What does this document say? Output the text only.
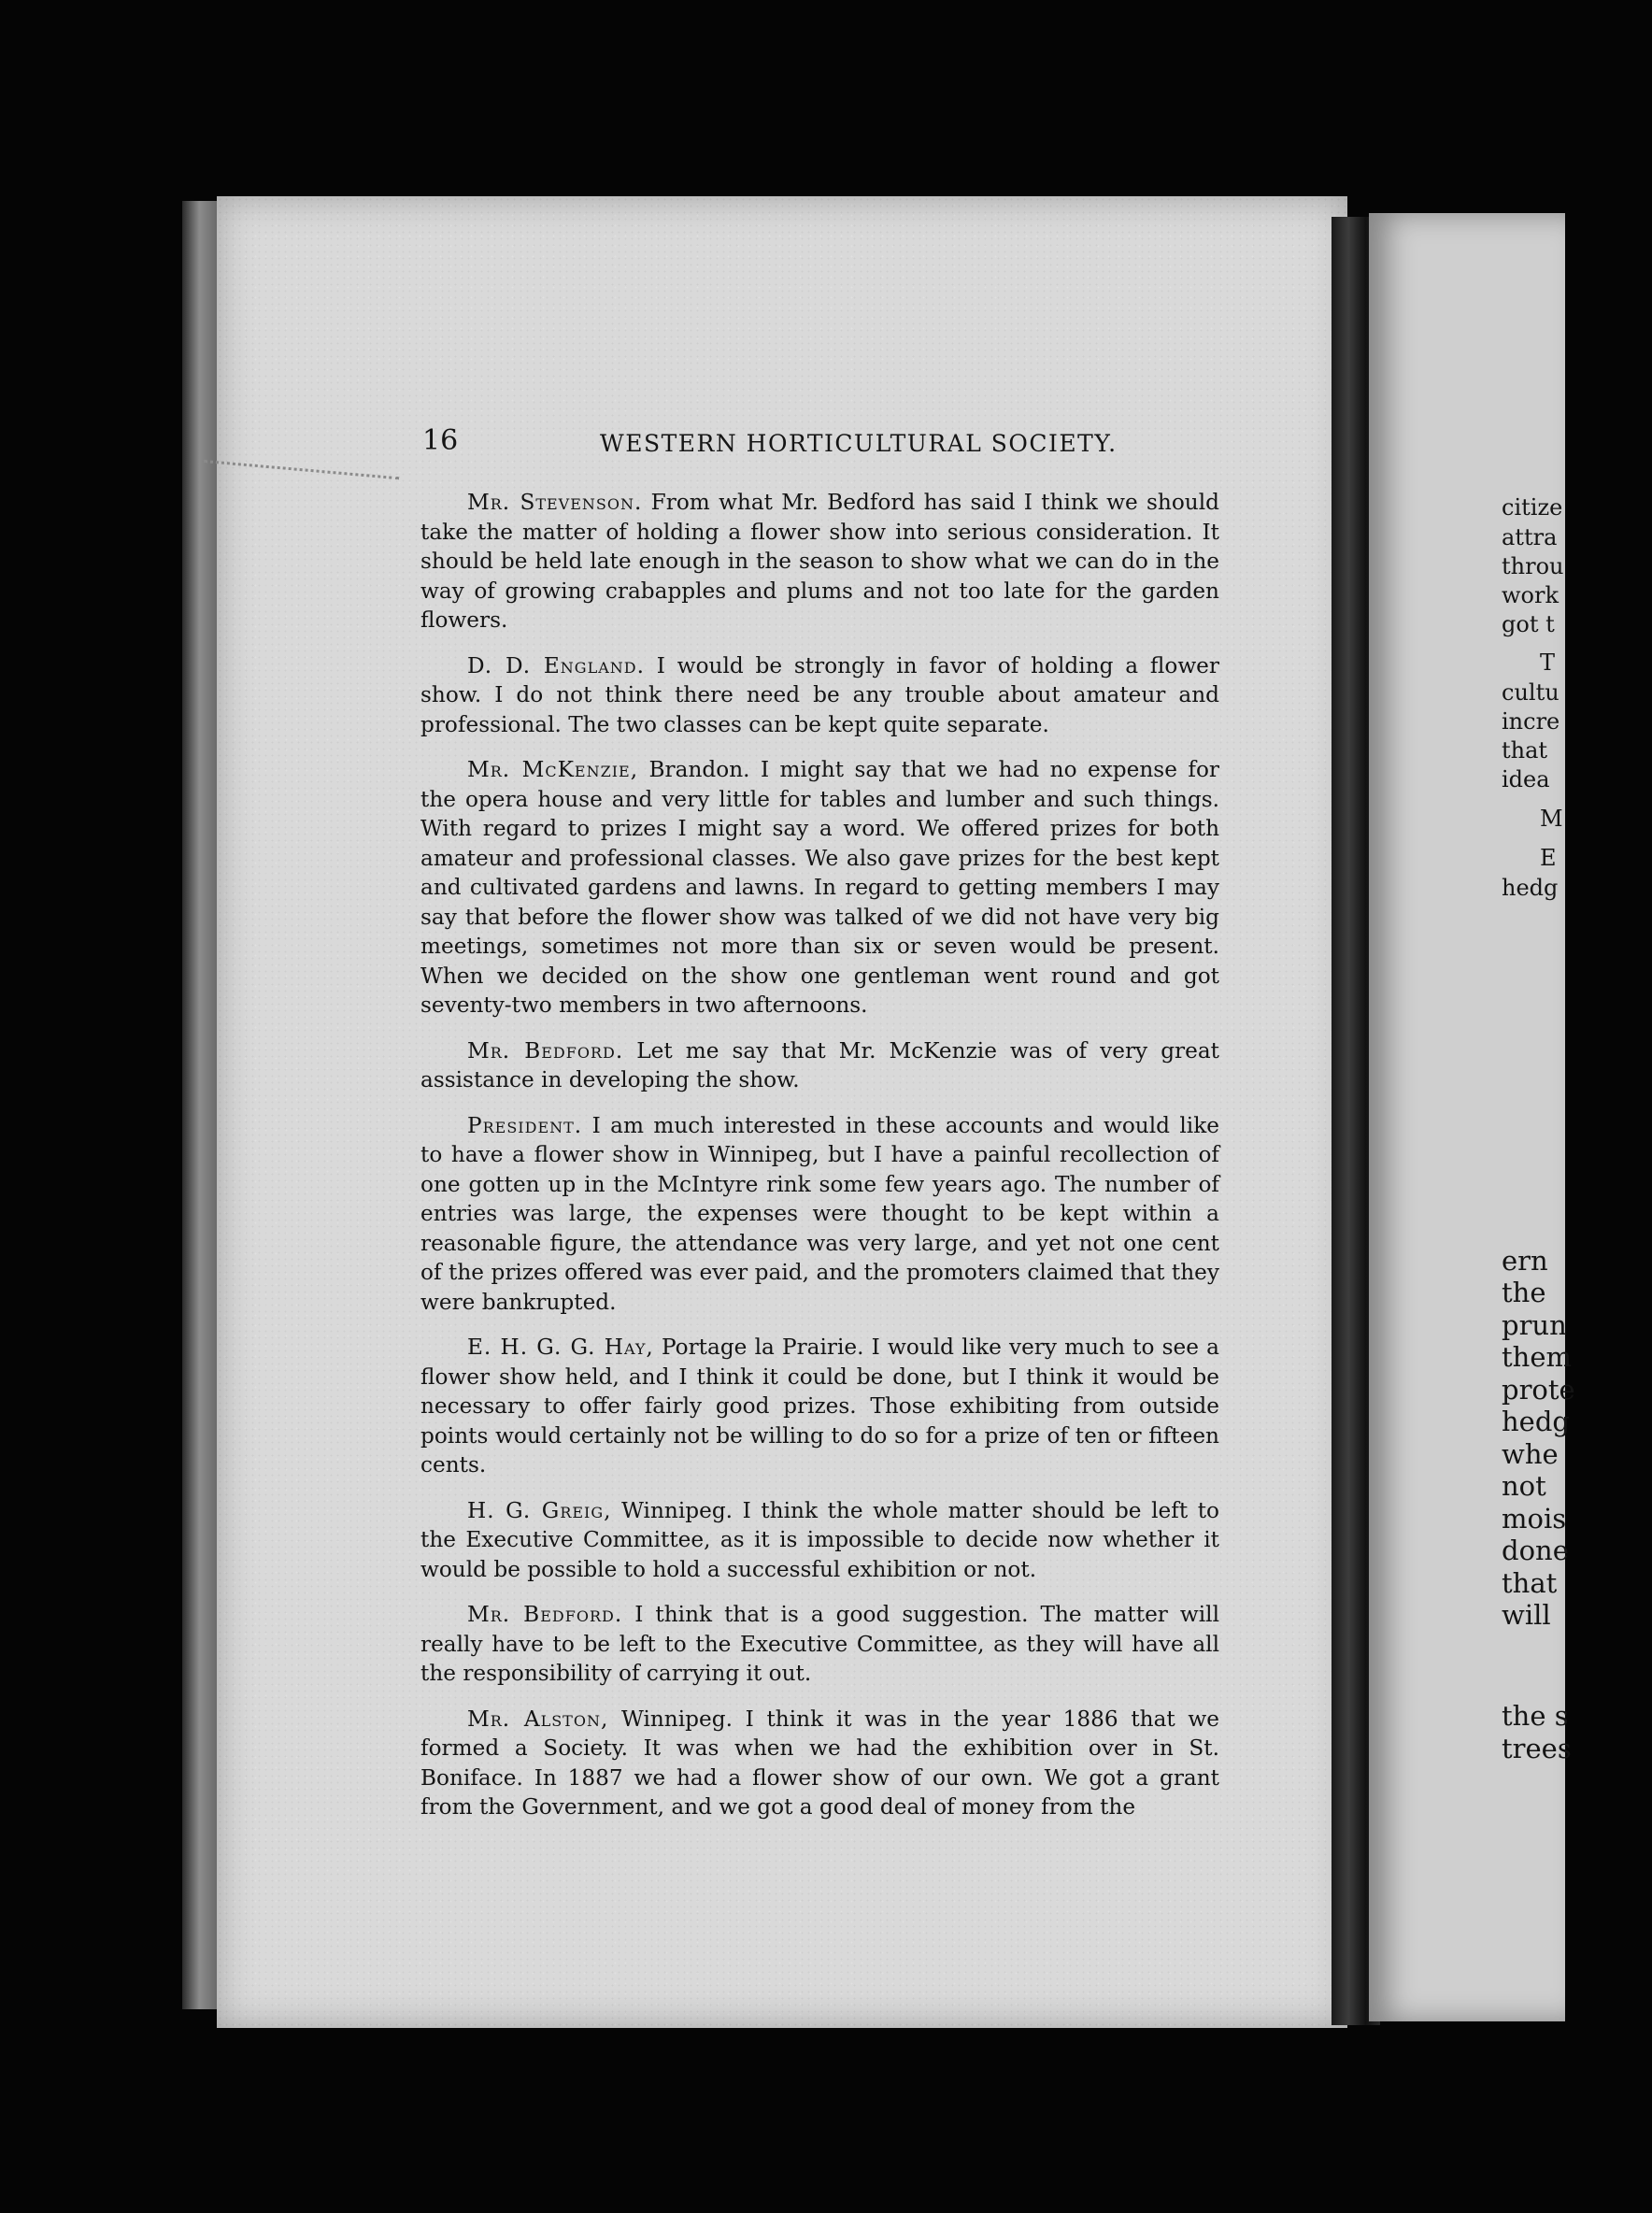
16	WESTERN HORTICULTURAL SOCIETY.

Mr. Stevenson. From what Mr. Bedford has said I think we should take the matter of holding a flower show into serious consideration. It should be held late enough in the season to show what we can do in the way of growing crabapples and plums and not too late for the garden flowers.

D. D. England. I would be strongly in favor of holding a flower show. I do not think there need be any trouble about amateur and professional. The two classes can be kept quite separate.

Mr. McKenzie, Brandon. I might say that we had no expense for the opera house and very little for tables and lumber and such things. With regard to prizes I might say a word. We offered prizes for both amateur and professional classes. We also gave prizes for the best kept and cultivated gardens and lawns. In regard to getting members I may say that before the flower show was talked of we did not have very big meetings, sometimes not more than six or seven would be present. When we decided on the show one gentleman went round and got seventy-two members in two afternoons.

Mr. Bedford. Let me say that Mr. McKenzie was of very great assistance in developing the show.

President. I am much interested in these accounts and would like to have a flower show in Winnipeg, but I have a painful recollection of one gotten up in the McIntyre rink some few years ago. The number of entries was large, the expenses were thought to be kept within a reasonable figure, the attendance was very large, and yet not one cent of the prizes offered was ever paid, and the promoters claimed that they were bankrupted.

E. H. G. G. Hay, Portage la Prairie. I would like very much to see a flower show held, and I think it could be done, but I think it would be necessary to offer fairly good prizes. Those exhibiting from outside points would certainly not be willing to do so for a prize of ten or fifteen cents.

H. G. Greig, Winnipeg. I think the whole matter should be left to the Executive Committee, as it is impossible to decide now whether it would be possible to hold a successful exhibition or not.

Mr. Bedford. I think that is a good suggestion. The matter will really have to be left to the Executive Committee, as they will have all the responsibility of carrying it out.

Mr. Alston, Winnipeg. I think it was in the year 1886 that we formed a Society. It was when we had the exhibition over in St. Boniface. In 1887 we had a flower show of our own. We got a grant from the Government, and we got a good deal of money from the

citize
attra
throu
work
got t
T
cultu
incre
that
idea
M
E
hedg
ern
the
prun
them
prote
hedg
whe
not
mois
done
that
will
the s
trees
